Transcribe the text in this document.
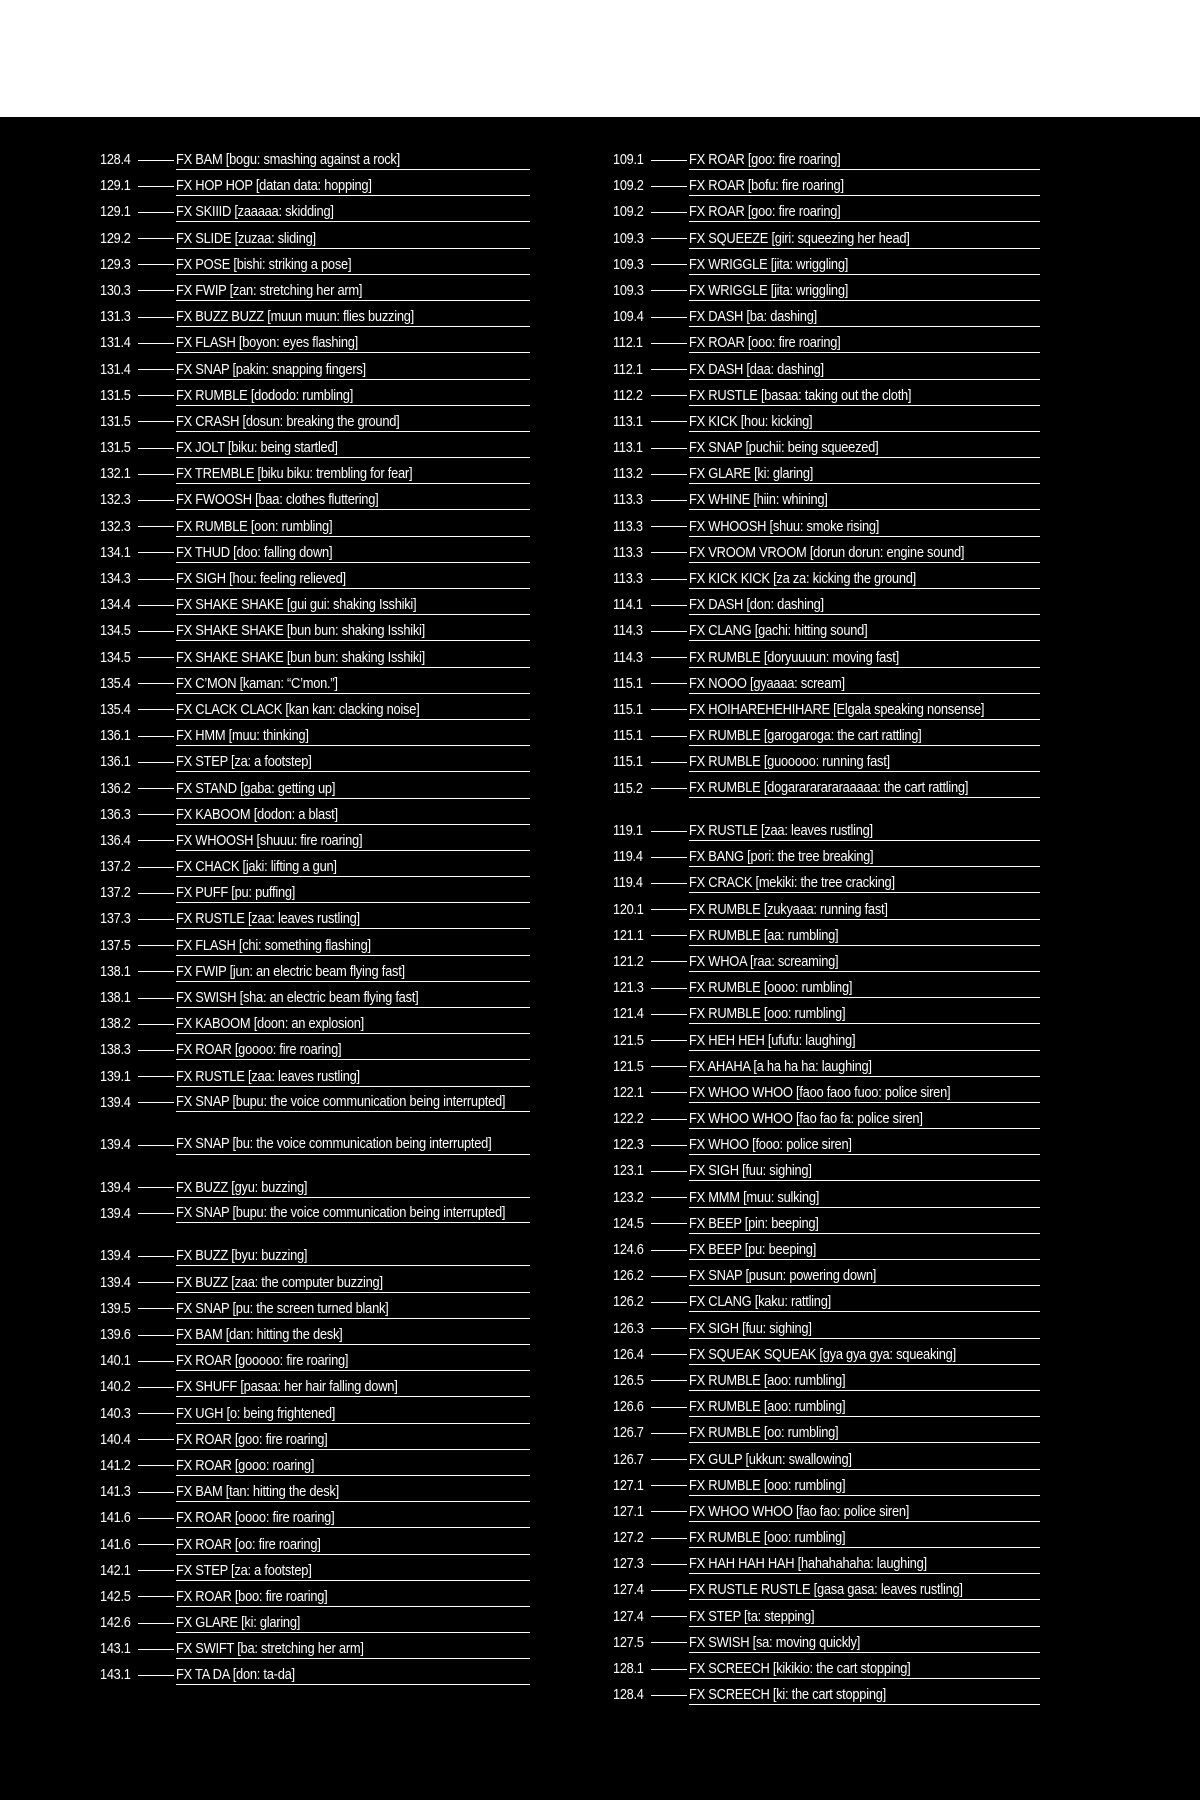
128.4	FX BAM [bogu: smashing against a rock]
129.1	FX HOP HOP [datan data: hopping]
129.1	FX SKIIID [zaaaaa: skidding]
129.2	FX SLIDE [zuzaa: sliding]
129.3	FX POSE [bishi: striking a pose]
130.3	FX FWIP [zan: stretching her arm]
131.3	FX BUZZ BUZZ [muun muun: flies buzzing]
131.4	FX FLASH [boyon: eyes flashing]
131.4	FX SNAP [pakin: snapping fingers]
131.5	FX RUMBLE [dododo: rumbling]
131.5	FX CRASH [dosun: breaking the ground]
131.5	FX JOLT [biku: being startled]
132.1	FX TREMBLE [biku biku: trembling for fear]
132.3	FX FWOOSH [baa: clothes fluttering]
132.3	FX RUMBLE [oon: rumbling]
134.1	FX THUD [doo: falling down]
134.3	FX SIGH [hou: feeling relieved]
134.4	FX SHAKE SHAKE [gui gui: shaking Isshiki]
134.5	FX SHAKE SHAKE [bun bun: shaking Isshiki]
134.5	FX SHAKE SHAKE [bun bun: shaking Isshiki]
135.4	FX C’MON [kaman: “C’mon.”]
135.4	FX CLACK CLACK [kan kan: clacking noise]
136.1	FX HMM [muu: thinking]
136.1	FX STEP [za: a footstep]
136.2	FX STAND [gaba: getting up]
136.3	FX KABOOM [dodon: a blast]
136.4	FX WHOOSH [shuuu: fire roaring]
137.2	FX CHACK [jaki: lifting a gun]
137.2	FX PUFF [pu: puffing]
137.3	FX RUSTLE [zaa: leaves rustling]
137.5	FX FLASH [chi: something flashing]
138.1	FX FWIP [jun: an electric beam flying fast]
138.1	FX SWISH [sha: an electric beam flying fast]
138.2	FX KABOOM [doon: an explosion]
138.3	FX ROAR [goooo: fire roaring]
139.1	FX RUSTLE [zaa: leaves rustling]
139.4	FX SNAP [bupu: the voice communication being interrupted]
139.4	FX SNAP [bu: the voice communication being interrupted]
139.4	FX BUZZ [gyu: buzzing]
139.4	FX SNAP [bupu: the voice communication being interrupted]
139.4	FX BUZZ [byu: buzzing]
139.4	FX BUZZ [zaa: the computer buzzing]
139.5	FX SNAP [pu: the screen turned blank]
139.6	FX BAM [dan: hitting the desk]
140.1	FX ROAR [gooooo: fire roaring]
140.2	FX SHUFF [pasaa: her hair falling down]
140.3	FX UGH [o: being frightened]
140.4	FX ROAR [goo: fire roaring]
141.2	FX ROAR [gooo: roaring]
141.3	FX BAM [tan: hitting the desk]
141.6	FX ROAR [oooo: fire roaring]
141.6	FX ROAR [oo: fire roaring]
142.1	FX STEP [za: a footstep]
142.5	FX ROAR [boo: fire roaring]
142.6	FX GLARE [ki: glaring]
143.1	FX SWIFT [ba: stretching her arm]
143.1	FX TA DA [don: ta-da]
109.1	FX ROAR [goo: fire roaring]
109.2	FX ROAR [bofu: fire roaring]
109.2	FX ROAR [goo: fire roaring]
109.3	FX SQUEEZE [giri: squeezing her head]
109.3	FX WRIGGLE [jita: wriggling]
109.3	FX WRIGGLE [jita: wriggling]
109.4	FX DASH [ba: dashing]
112.1	FX ROAR [ooo: fire roaring]
112.1	FX DASH [daa: dashing]
112.2	FX RUSTLE [basaa: taking out the cloth]
113.1	FX KICK [hou: kicking]
113.1	FX SNAP [puchii: being squeezed]
113.2	FX GLARE [ki: glaring]
113.3	FX WHINE [hiin: whining]
113.3	FX WHOOSH [shuu: smoke rising]
113.3	FX VROOM VROOM [dorun dorun: engine sound]
113.3	FX KICK KICK [za za: kicking the ground]
114.1	FX DASH [don: dashing]
114.3	FX CLANG [gachi: hitting sound]
114.3	FX RUMBLE [doryuuuun: moving fast]
115.1	FX NOOO [gyaaaa: scream]
115.1	FX HOIHAREHEHIHARE [Elgala speaking nonsense]
115.1	FX RUMBLE [garogaroga: the cart rattling]
115.1	FX RUMBLE [guooooo: running fast]
115.2	FX RUMBLE [dogarararararaaaaa: the cart rattling]
119.1	FX RUSTLE [zaa: leaves rustling]
119.4	FX BANG [pori: the tree breaking]
119.4	FX CRACK [mekiki: the tree cracking]
120.1	FX RUMBLE [zukyaaa: running fast]
121.1	FX RUMBLE [aa: rumbling]
121.2	FX WHOA [raa: screaming]
121.3	FX RUMBLE [oooo: rumbling]
121.4	FX RUMBLE [ooo: rumbling]
121.5	FX HEH HEH [ufufu: laughing]
121.5	FX AHAHA [a ha ha ha: laughing]
122.1	FX WHOO WHOO [faoo faoo fuoo: police siren]
122.2	FX WHOO WHOO [fao fao fa: police siren]
122.3	FX WHOO [fooo: police siren]
123.1	FX SIGH [fuu: sighing]
123.2	FX MMM [muu: sulking]
124.5	FX BEEP [pin: beeping]
124.6	FX BEEP [pu: beeping]
126.2	FX SNAP [pusun: powering down]
126.2	FX CLANG [kaku: rattling]
126.3	FX SIGH [fuu: sighing]
126.4	FX SQUEAK SQUEAK [gya gya gya: squeaking]
126.5	FX RUMBLE [aoo: rumbling]
126.6	FX RUMBLE [aoo: rumbling]
126.7	FX RUMBLE [oo: rumbling]
126.7	FX GULP [ukkun: swallowing]
127.1	FX RUMBLE [ooo: rumbling]
127.1	FX WHOO WHOO [fao fao: police siren]
127.2	FX RUMBLE [ooo: rumbling]
127.3	FX HAH HAH HAH [hahahahaha: laughing]
127.4	FX RUSTLE RUSTLE [gasa gasa: leaves rustling]
127.4	FX STEP [ta: stepping]
127.5	FX SWISH [sa: moving quickly]
128.1	FX SCREECH [kikikio: the cart stopping]
128.4	FX SCREECH [ki: the cart stopping]
